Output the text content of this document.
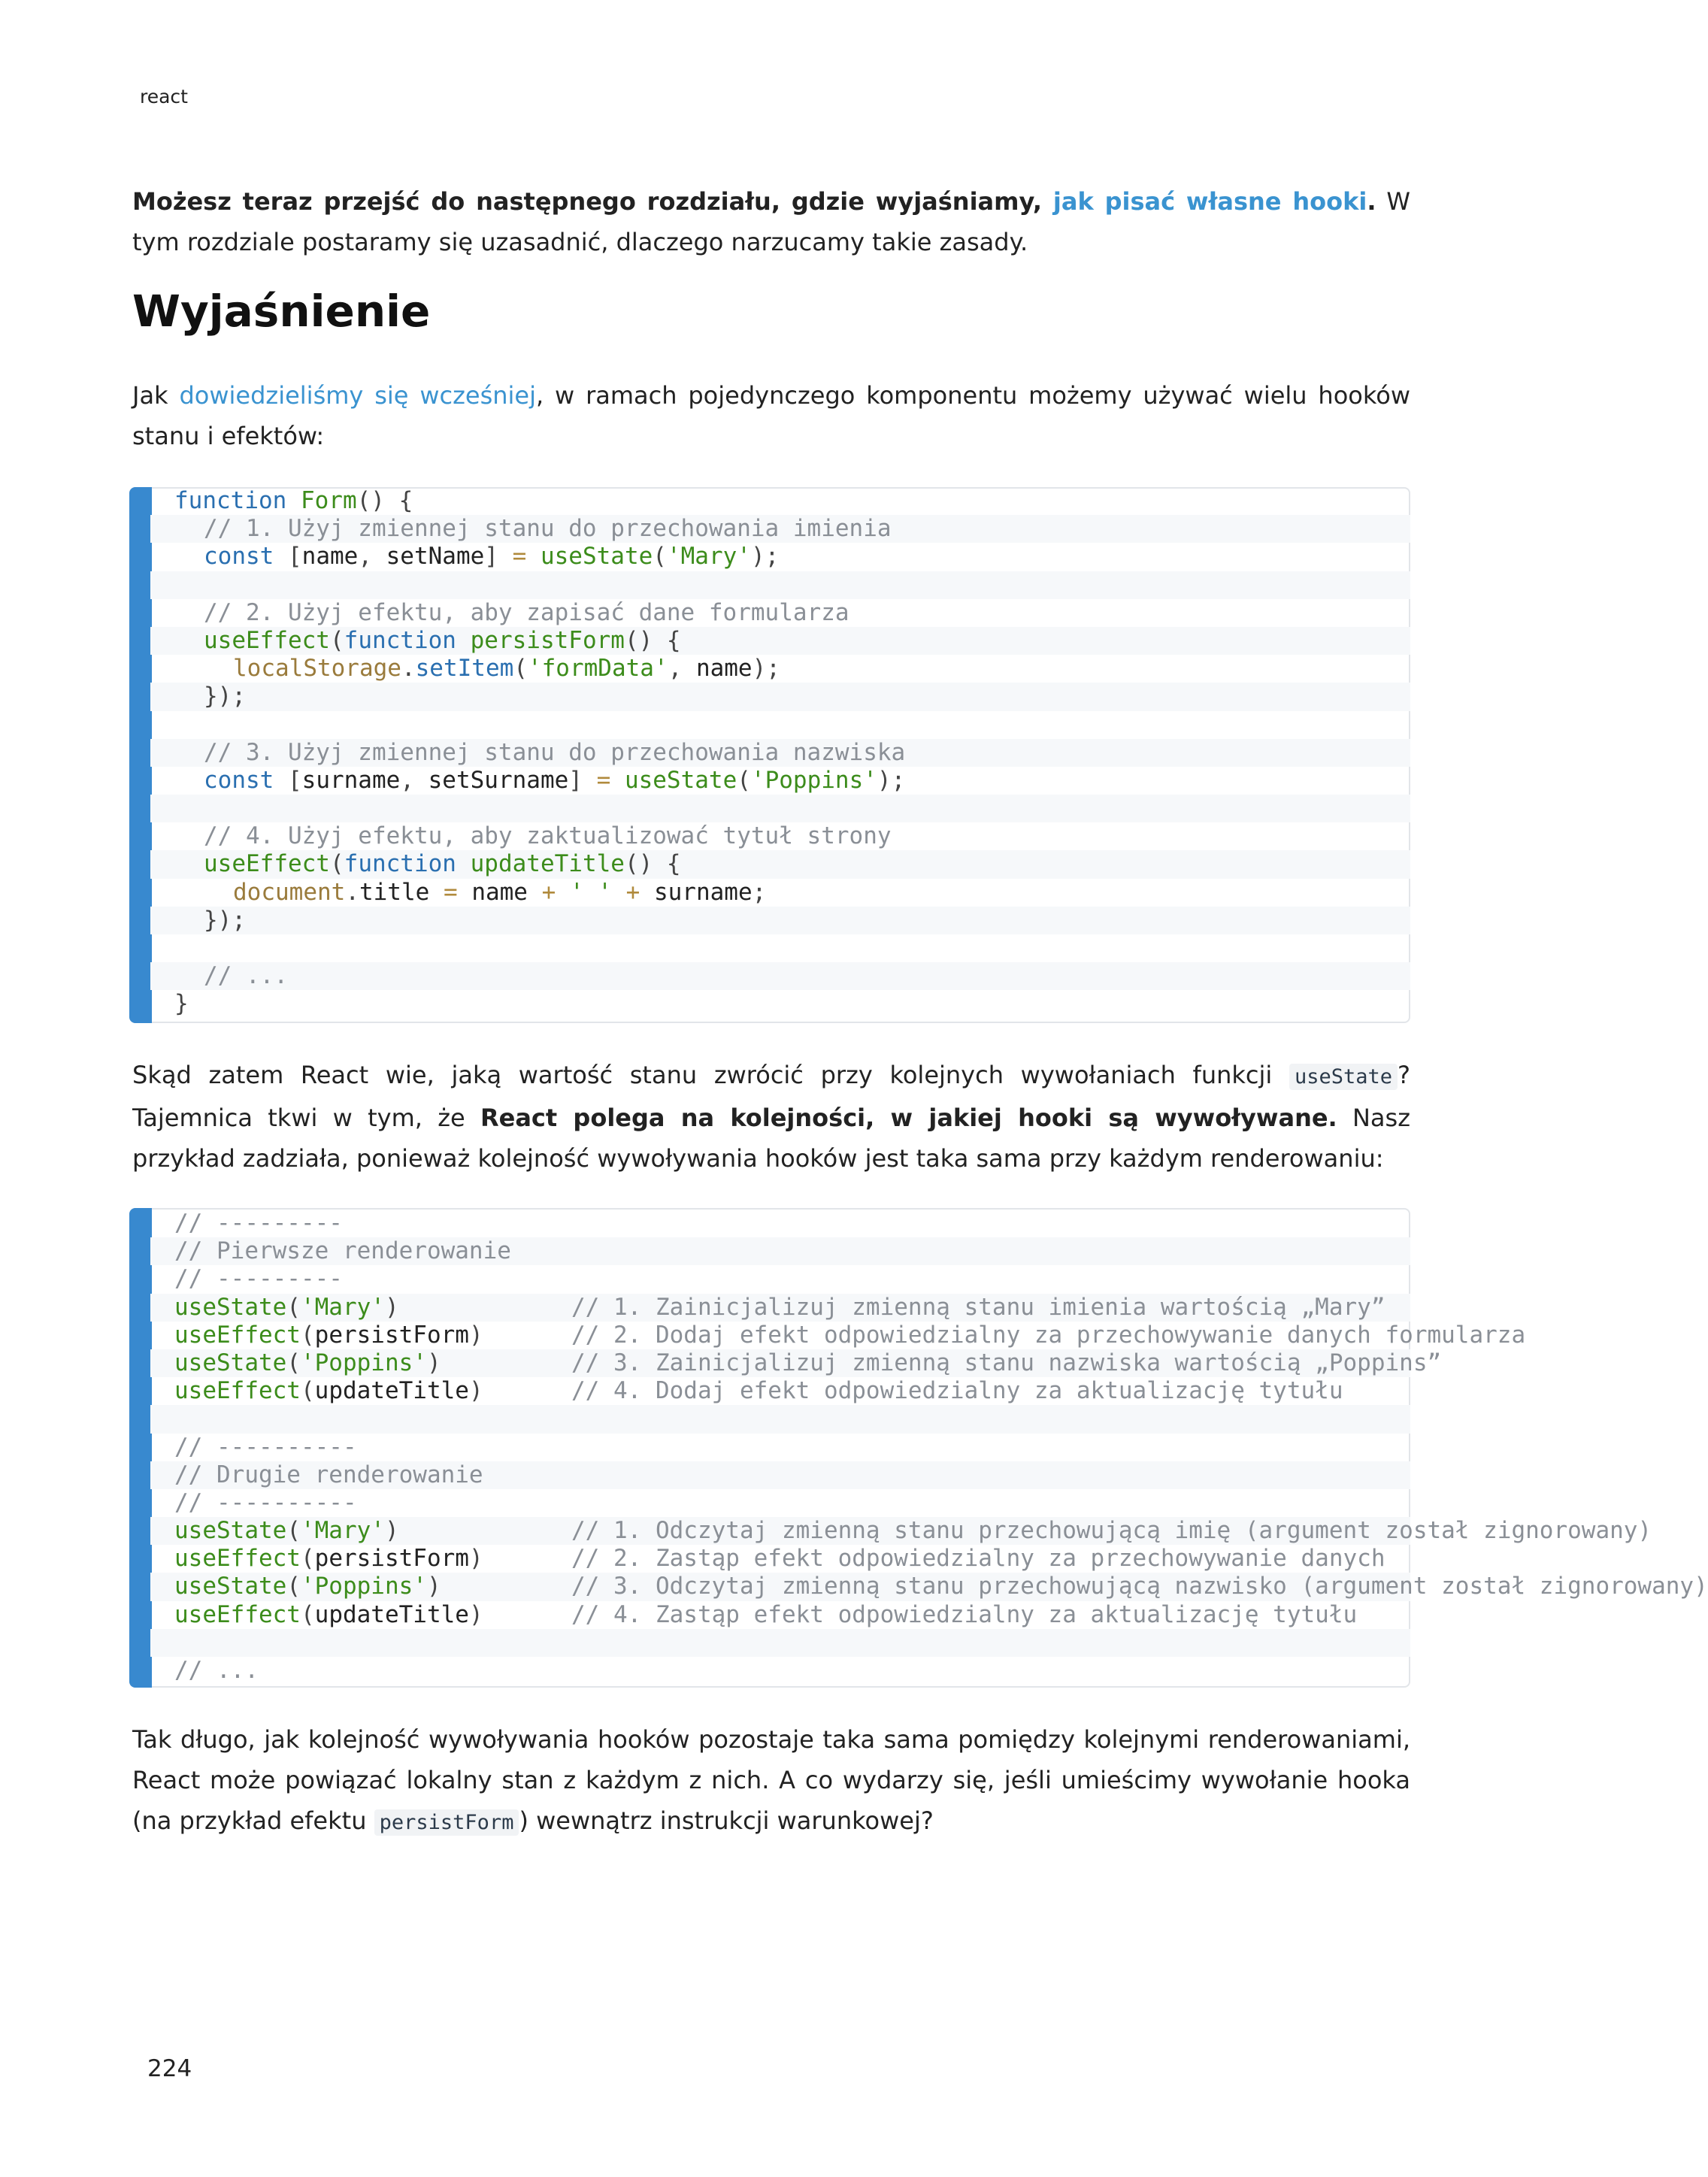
react

Możesz teraz przejść do następnego rozdziału, gdzie wyjaśniamy, jak pisać własne hooki. W tym rozdziale postaramy się uzasadnić, dlaczego narzucamy takie zasady.

Wyjaśnienie

Jak dowiedzieliśmy się wcześniej, w ramach pojedynczego komponentu możemy używać wielu hooków stanu i efektów:

function Form() {
// 1. Użyj zmiennej stanu do przechowania imienia
const [name, setName] = useState('Mary');
// 2. Użyj efektu, aby zapisać dane formularza
useEffect(function persistForm() {
localStorage.setItem('formData', name);
});
// 3. Użyj zmiennej stanu do przechowania nazwiska
const [surname, setSurname] = useState('Poppins');
// 4. Użyj efektu, aby zaktualizować tytuł strony
useEffect(function updateTitle() {
document.title = name + ' ' + surname;
});
// ...
}

Skąd zatem React wie, jaką wartość stanu zwrócić przy kolejnych wywołaniach funkcji useState ? Tajemnica tkwi w tym, że React polega na kolejności, w jakiej hooki są wywoływane. Nasz przykład zadziała, ponieważ kolejność wywoływania hooków jest taka sama przy każdym renderowaniu:

// ---------
// Pierwsze renderowanie
// ---------
useState('Mary')	// 1. Zainicjalizuj zmienną stanu imienia wartością „Mary”
useEffect(persistForm)	// 2. Dodaj efekt odpowiedzialny za przechowywanie danych formularza
useState('Poppins')	// 3. Zainicjalizuj zmienną stanu nazwiska wartością „Poppins”
useEffect(updateTitle)	// 4. Dodaj efekt odpowiedzialny za aktualizację tytułu
// ----------
// Drugie renderowanie
// ----------
useState('Mary')	// 1. Odczytaj zmienną stanu przechowującą imię (argument został zignorowany)
useEffect(persistForm)	// 2. Zastąp efekt odpowiedzialny za przechowywanie danych
useState('Poppins')	// 3. Odczytaj zmienną stanu przechowującą nazwisko (argument został zignorowany)
useEffect(updateTitle)	// 4. Zastąp efekt odpowiedzialny za aktualizację tytułu
// ...

Tak długo, jak kolejność wywoływania hooków pozostaje taka sama pomiędzy kolejnymi renderowaniami, React może powiązać lokalny stan z każdym z nich. A co wydarzy się, jeśli umieścimy wywołanie hooka (na przykład efektu persistForm ) wewnątrz instrukcji warunkowej?

224
